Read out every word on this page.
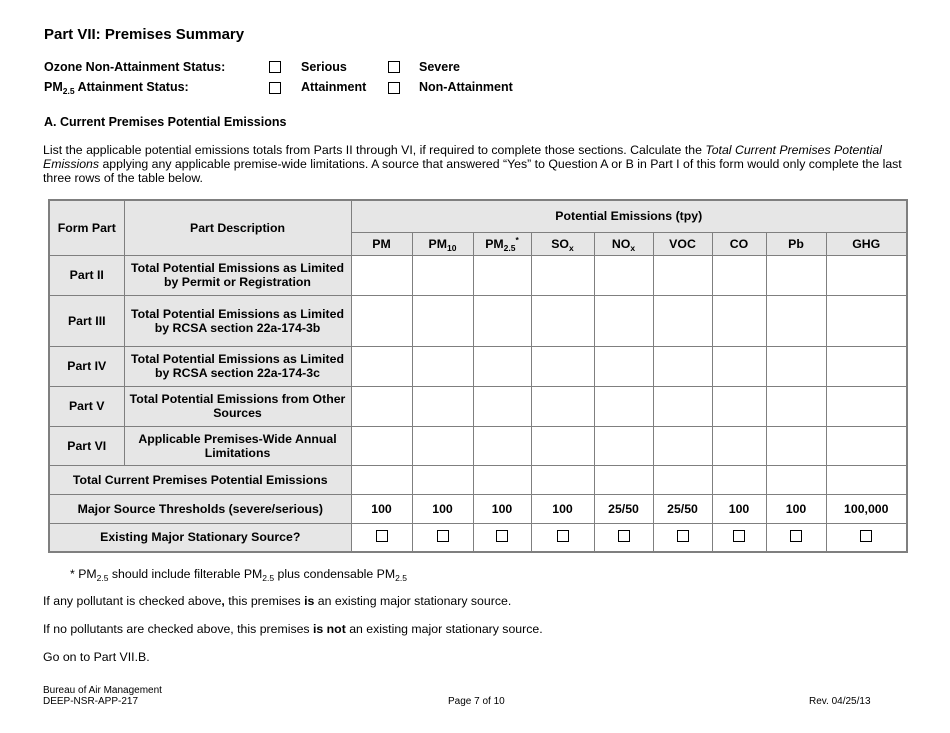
Part VII: Premises Summary
Ozone Non-Attainment Status:	Serious	Severe
$PM_{2.5}$ Attainment Status:	Attainment	Non-Attainment
A. Current Premises Potential Emissions
List the applicable potential emissions totals from Parts II through VI, if required to complete those sections. Calculate the Total Current Premises Potential Emissions applying any applicable premise-wide limitations. A source that answered “Yes” to Question A or B in Part I of this form would only complete the last three rows of the table below.
Form Part	Part Description	Potential Emissions (tpy)								
		PM	$PM_{10}$	$PM_{2.5}^*$	$SO_x$	$NO_x$	VOC	CO	Pb	GHG
Part II	Total Potential Emissions as Limited by Permit or Registration									
Part III	Total Potential Emissions as Limited by RCSA section 22a-174-3b									
Part IV	Total Potential Emissions as Limited by RCSA section 22a-174-3c									
Part V	Total Potential Emissions from Other Sources									
Part VI	Applicable Premises-Wide Annual Limitations									
Total Current Premises Potential Emissions										
Major Source Thresholds (severe/serious)		100	100	100	100	25/50	25/50	100	100	100,000
Existing Major Stationary Source?										
* $PM_{2.5}$ should include filterable $PM_{2.5}$ plus condensable $PM_{2.5}$
If any pollutant is checked above, this premises is an existing major stationary source.
If no pollutants are checked above, this premises is not an existing major stationary source.
Go on to Part VII.B.
Bureau of Air Management
DEEP-NSR-APP-217	Page 7 of 10	Rev. 04/25/13
